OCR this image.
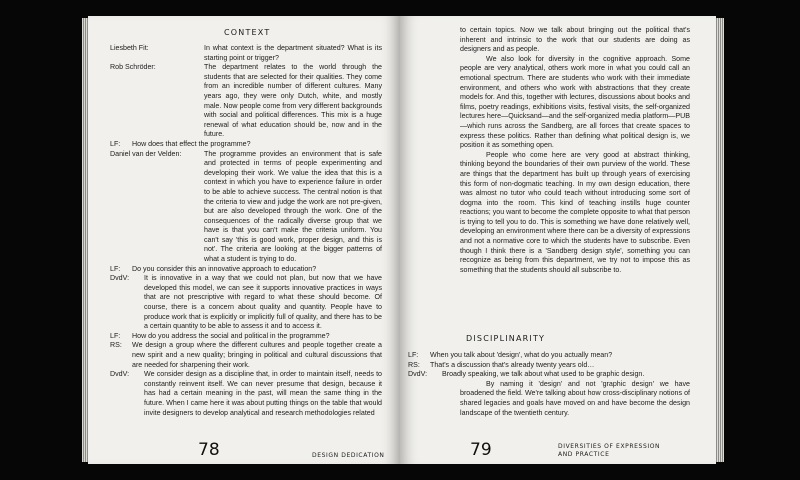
CONTEXT
Liesbeth Fit:	In what context is the department situated? What is its starting point or trigger?
Rob Schröder:	The department relates to the world through the students that are selected for their qualities. They come from an incredible number of different cultures. Many years ago, they were only Dutch, white, and mostly male. Now people come from very different backgrounds with social and political differences. This mix is a huge renewal of what education should be, now and in the future.
LF:	How does that effect the programme?
Daniel van der Velden:	The programme provides an environment that is safe and protected in terms of people experimenting and developing their work. We value the idea that this is a context in which you have to experience failure in order to be able to achieve success. The central notion is that the criteria to view and judge the work are not pre-given, but are also developed through the work. One of the consequences of the radically diverse group that we have is that you can't make the criteria uniform. You can't say 'this is good work, proper design, and this is not'. The criteria are looking at the bigger patterns of what a student is trying to do.
LF:	Do you consider this an innovative approach to education?
DvdV:	It is innovative in a way that we could not plan, but now that we have developed this model, we can see it supports innovative practices in ways that are not prescriptive with regard to what these should become. Of course, there is a concern about quality and quantity. People have to produce work that is explicitly or implicitly full of quality, and there has to be a certain quantity to be able to assess it and to access it.
LF:	How do you address the social and political in the programme?
RS:	We design a group where the different cultures and people together create a new spirit and a new quality; bringing in political and cultural discussions that are needed for sharpening their work.
DvdV:	We consider design as a discipline that, in order to maintain itself, needs to constantly reinvent itself. We can never presume that design, because it has had a certain meaning in the past, will mean the same thing in the future. When I came here it was about putting things on the table that would invite designers to develop analytical and research methodologies related
78	DESIGN DEDICATION

to certain topics. Now we talk about bringing out the political that's inherent and intrinsic to the work that our students are doing as designers and as people.

We also look for diversity in the cognitive approach. Some people are very analytical, others work more in what you could call an emotional spectrum. There are students who work with their immediate environment, and others who work with abstractions that they create models for. And this, together with lectures, discussions about books and films, poetry readings, exhibitions visits, festival visits, the self-organized lectures here—Quicksand—and the self-organized media platform—PUB—which runs across the Sandberg, are all forces that create spaces to express these politics. Rather than defining what political design is, we position it as something open.

People who come here are very good at abstract thinking, thinking beyond the boundaries of their own purview of the world. These are things that the department has built up through years of exercising this form of non-dogmatic teaching. In my own design education, there was almost no tutor who could teach without introducing some sort of dogma into the room. This kind of teaching instills huge counter reactions; you want to become the complete opposite to what that person is trying to tell you to do. This is something we have done relatively well, developing an environment where there can be a diversity of expressions and not a normative core to which the students have to subscribe. Even though I think there is a 'Sandberg design style', something you can recognize as being from this department, we try not to impose this as something that the students should all subscribe to.

DISCIPLINARITY
LF:	When you talk about 'design', what do you actually mean?
RS:	That's a discussion that's already twenty years old…
DvdV:	Broadly speaking, we talk about what used to be graphic design.
By naming it 'design' and not 'graphic design' we have broadened the field. We're talking about how cross-disciplinary notions of shared legacies and goals have moved on and have become the design landscape of the twentieth century.
79	DIVERSITIES OF EXPRESSION
AND PRACTICE
